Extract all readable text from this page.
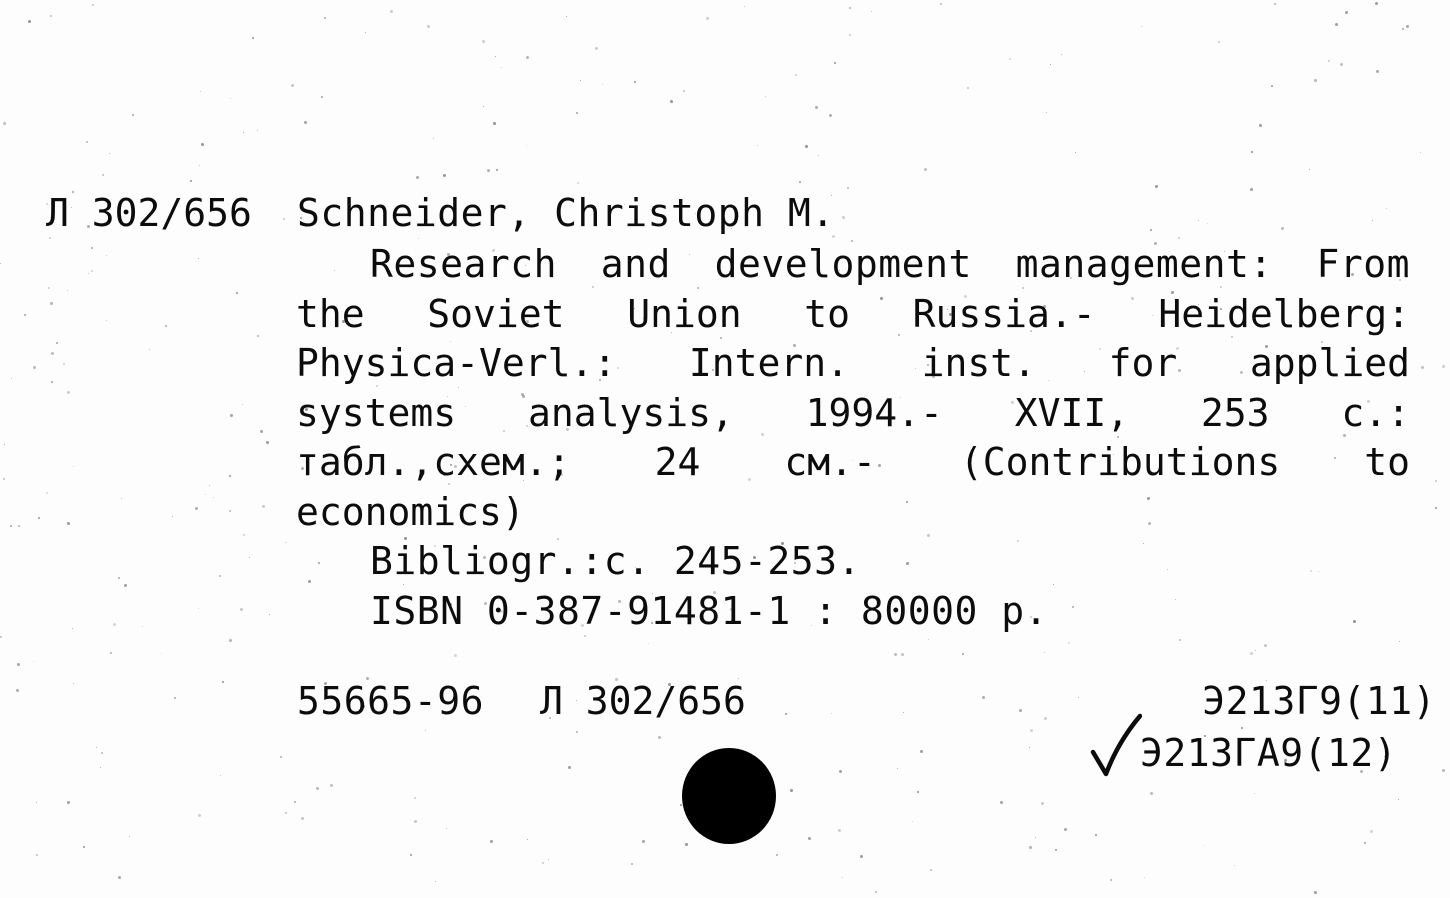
Л 302/656 Schneider, Christoph M.
Research and development management: From
the Soviet Union to Russia.- Heidelberg:
Physica-Verl.: Intern. inst. for applied
systems analysis, 1994.- XVII, 253 с.:
табл.,схем.; 24 см.- (Contributions to
economics)
Bibliogr.:c. 245-253.
ISBN 0-387-91481-1 : 80000 р.
55665-96 Л 302/656	Э213Г9(11)
Э213ГА9(12)
